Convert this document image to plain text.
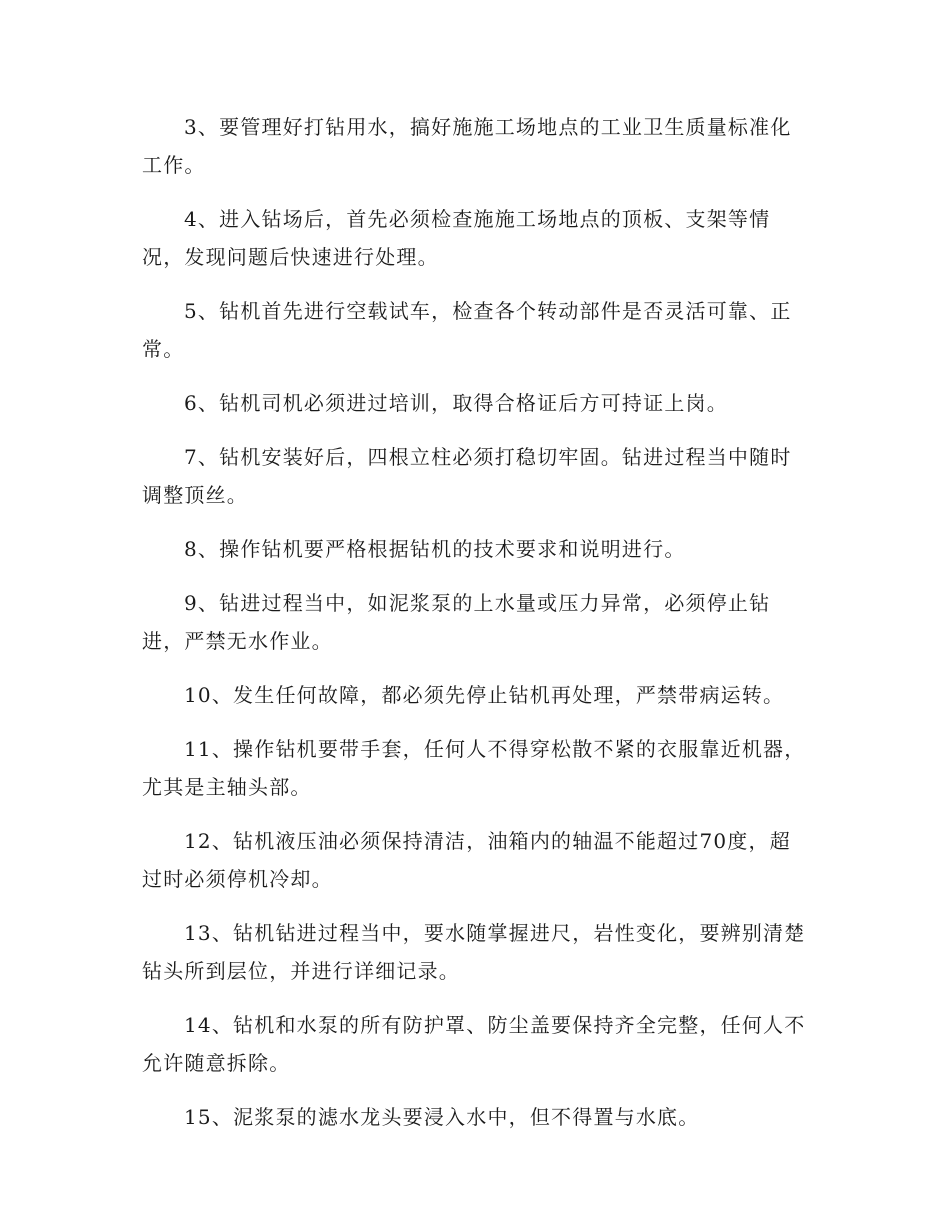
3、要管理好打钻用水，搞好施施工场地点的工业卫生质量标准化工作。

4、进入钻场后，首先必须检查施施工场地点的顶板、支架等情况，发现问题后快速进行处理。

5、钻机首先进行空载试车，检查各个转动部件是否灵活可靠、正常。

6、钻机司机必须进过培训，取得合格证后方可持证上岗。

7、钻机安装好后，四根立柱必须打稳切牢固。钻进过程当中随时调整顶丝。

8、操作钻机要严格根据钻机的技术要求和说明进行。

9、钻进过程当中，如泥浆泵的上水量或压力异常，必须停止钻进，严禁无水作业。

10、发生任何故障，都必须先停止钻机再处理，严禁带病运转。

11、操作钻机要带手套，任何人不得穿松散不紧的衣服靠近机器，尤其是主轴头部。

12、钻机液压油必须保持清洁，油箱内的轴温不能超过70度，超过时必须停机冷却。

13、钻机钻进过程当中，要水随掌握进尺，岩性变化，要辨别清楚钻头所到层位，并进行详细记录。

14、钻机和水泵的所有防护罩、防尘盖要保持齐全完整，任何人不允许随意拆除。

15、泥浆泵的滤水龙头要浸入水中，但不得置与水底。
